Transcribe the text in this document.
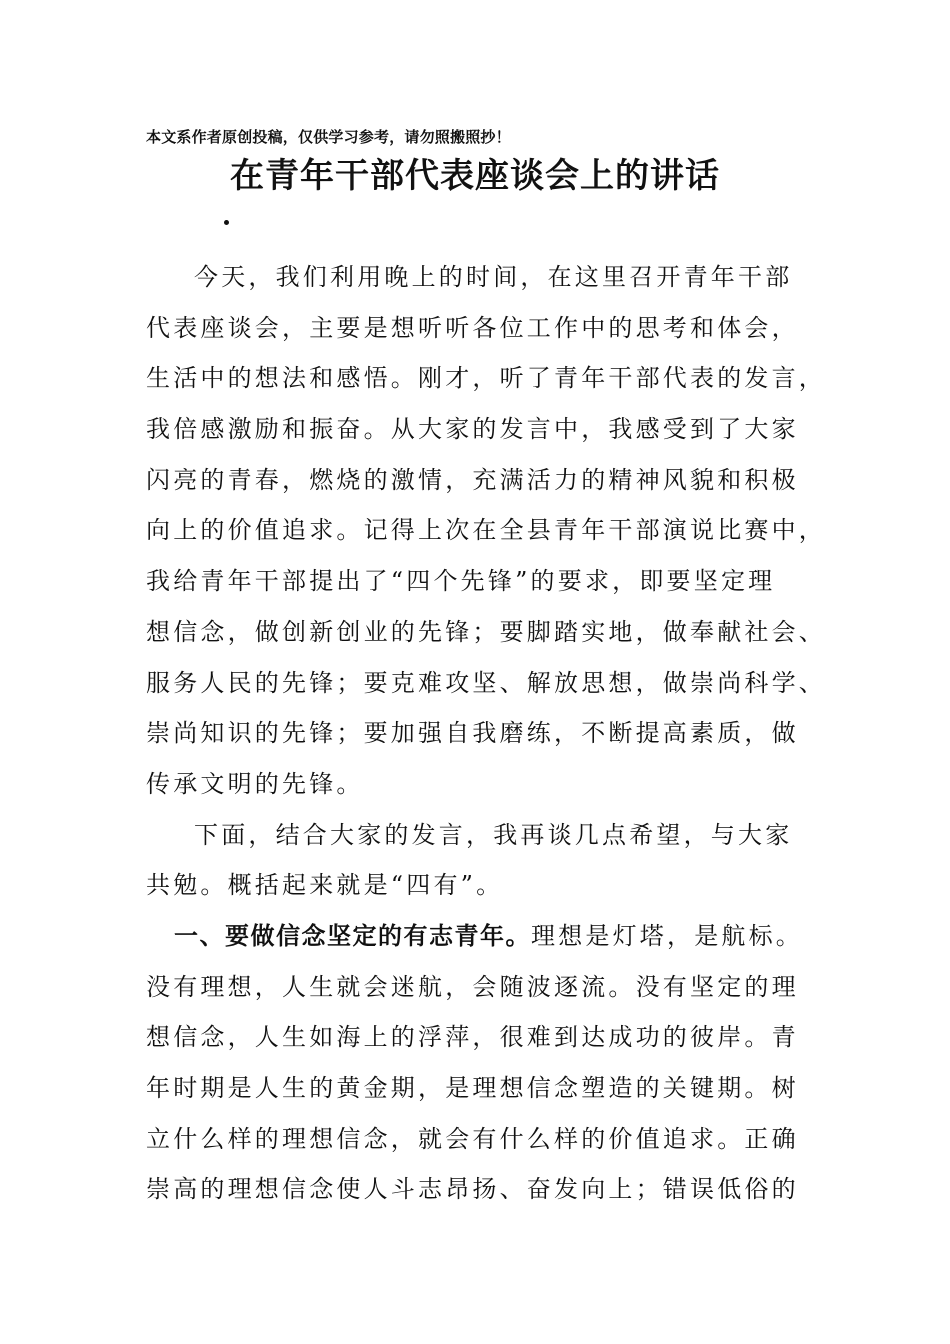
本文系作者原创投稿，仅供学习参考，请勿照搬照抄！
在青年干部代表座谈会上的讲话
今天，我们利用晚上的时间，在这里召开青年干部
代表座谈会，主要是想听听各位工作中的思考和体会，
生活中的想法和感悟。刚才，听了青年干部代表的发言，
我倍感激励和振奋。从大家的发言中，我感受到了大家
闪亮的青春，燃烧的激情，充满活力的精神风貌和积极
向上的价值追求。记得上次在全县青年干部演说比赛中，
我给青年干部提出了“四个先锋”的要求，即要坚定理
想信念，做创新创业的先锋；要脚踏实地，做奉献社会、
服务人民的先锋；要克难攻坚、解放思想，做崇尚科学、
崇尚知识的先锋；要加强自我磨练，不断提高素质，做
传承文明的先锋。
下面，结合大家的发言，我再谈几点希望，与大家
共勉。概括起来就是“四有”。
一、要做信念坚定的有志青年。理想是灯塔，是航标。
没有理想，人生就会迷航，会随波逐流。没有坚定的理
想信念，人生如海上的浮萍，很难到达成功的彼岸。青
年时期是人生的黄金期，是理想信念塑造的关键期。树
立什么样的理想信念，就会有什么样的价值追求。正确
崇高的理想信念使人斗志昂扬、奋发向上；错误低俗的
